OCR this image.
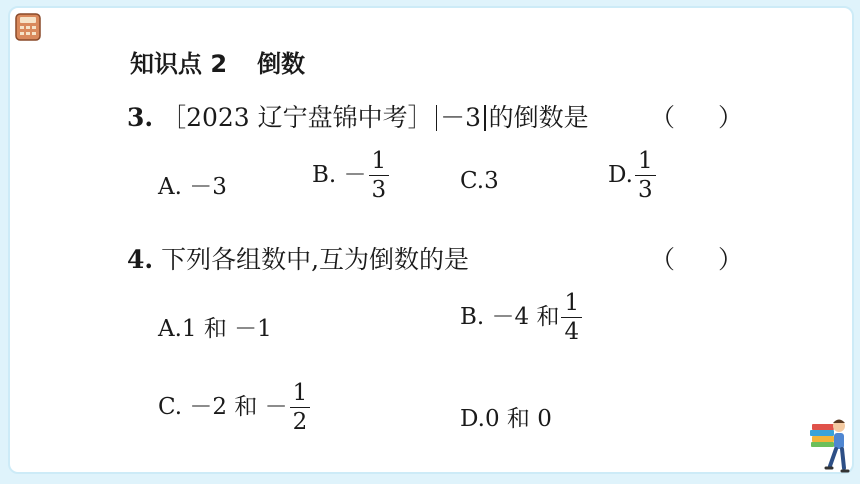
知识点 2 倒数
3. ［2023 辽宁盘锦中考］ －3 的倒数是 （ ）
A. －3	B. － $\frac{1}{3}$	C.3	D. $\frac{1}{3}$
4. 下列各组数中,互为倒数的是	（ ）
A.1 和 －1	B. －4 和 $\frac{1}{4}$
C. －2 和 － $\frac{1}{2}$	D.0 和 0
